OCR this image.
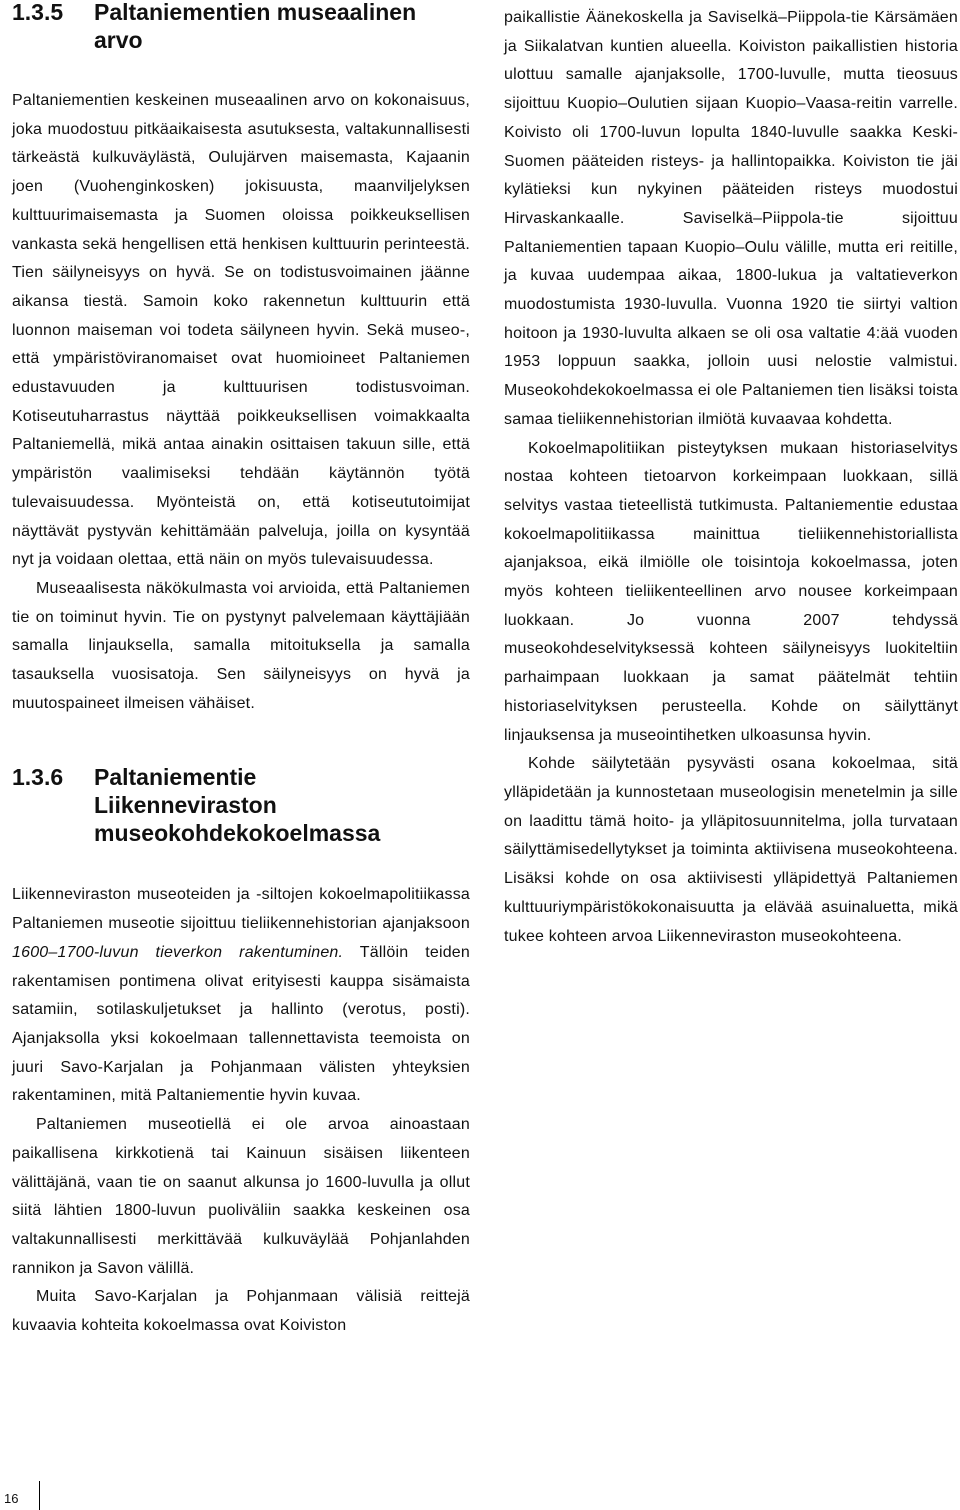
1.3.5	Paltaniementien museaalinen
arvo

Paltaniementien keskeinen museaalinen arvo on kokonaisuus, joka muodostuu pitkäaikaisesta asutuksesta, valtakunnallisesti tärkeästä kulkuväylästä, Oulujärven maisemasta, Kajaanin joen (Vuohenginkosken) jokisuusta, maanviljelyksen kulttuurimaisemasta ja Suomen oloissa poikkeuksellisen vankasta sekä hengellisen että henkisen kulttuurin perinteestä. Tien säilyneisyys on hyvä. Se on todistusvoimainen jäänne aikansa tiestä. Samoin koko rakennetun kulttuurin että luonnon maiseman voi todeta säilyneen hyvin. Sekä museo-, että ympäristöviranomaiset ovat huomioineet Paltaniemen edustavuuden ja kulttuurisen todistusvoiman. Kotiseutuharrastus näyttää poikkeuksellisen voimakkaalta Paltaniemellä, mikä antaa ainakin osittaisen takuun sille, että ympäristön vaalimiseksi tehdään käytännön työtä tulevaisuudessa. Myönteistä on, että kotiseututoimijat näyttävät pystyvän kehittämään palveluja, joilla on kysyntää nyt ja voidaan olettaa, että näin on myös tulevaisuudessa.

Museaalisesta näkökulmasta voi arvioida, että Paltaniemen tie on toiminut hyvin. Tie on pystynyt palvelemaan käyttäjiään samalla linjauksella, samalla mitoituksella ja samalla tasauksella vuosisatoja. Sen säilyneisyys on hyvä ja muutospaineet ilmeisen vähäiset.

1.3.6	Paltaniementie
Liikenneviraston
museokohdekokoelmassa

Liikenneviraston museoteiden ja -siltojen kokoelmapolitiikassa Paltaniemen museotie sijoittuu tieliikennehistorian ajanjaksoon 1600–1700-luvun tieverkon rakentuminen. Tällöin teiden rakentamisen pontimena olivat erityisesti kauppa sisämaista satamiin, sotilaskuljetukset ja hallinto (verotus, posti). Ajanjaksolla yksi kokoelmaan tallennettavista teemoista on juuri Savo-Karjalan ja Pohjanmaan välisten yhteyksien rakentaminen, mitä Paltaniementie hyvin kuvaa.

Paltaniemen museotiellä ei ole arvoa ainoastaan paikallisena kirkkotienä tai Kainuun sisäisen liikenteen välittäjänä, vaan tie on saanut alkunsa jo 1600-luvulla ja ollut siitä lähtien 1800-luvun puoliväliin saakka keskeinen osa valtakunnallisesti merkittävää kulkuväylää Pohjanlahden rannikon ja Savon välillä.

Muita Savo-Karjalan ja Pohjanmaan välisiä reittejä kuvaavia kohteita kokoelmassa ovat Koiviston

paikallistie Äänekoskella ja Saviselkä–Piippola-tie Kärsämäen ja Siikalatvan kuntien alueella. Koiviston paikallistien historia ulottuu samalle ajanjaksolle, 1700-luvulle, mutta tieosuus sijoittuu Kuopio–Oulutien sijaan Kuopio–Vaasa-reitin varrelle. Koivisto oli 1700-luvun lopulta 1840-luvulle saakka Keski-Suomen pääteiden risteys- ja hallintopaikka. Koiviston tie jäi kylätieksi kun nykyinen pääteiden risteys muodostui Hirvaskankaalle. Saviselkä–Piippola-tie sijoittuu Paltaniementien tapaan Kuopio–Oulu välille, mutta eri reitille, ja kuvaa uudempaa aikaa, 1800-lukua ja valtatieverkon muodostumista 1930-luvulla. Vuonna 1920 tie siirtyi valtion hoitoon ja 1930-luvulta alkaen se oli osa valtatie 4:ää vuoden 1953 loppuun saakka, jolloin uusi nelostie valmistui. Museokohdekokoelmassa ei ole Paltaniemen tien lisäksi toista samaa tieliikennehistorian ilmiötä kuvaavaa kohdetta.

Kokoelmapolitiikan pisteytyksen mukaan historiaselvitys nostaa kohteen tietoarvon korkeimpaan luokkaan, sillä selvitys vastaa tieteellistä tutkimusta. Paltaniementie edustaa kokoelmapolitiikassa mainittua tieliikennehistoriallista ajanjaksoa, eikä ilmiölle ole toisintoja kokoelmassa, joten myös kohteen tieliikenteellinen arvo nousee korkeimpaan luokkaan. Jo vuonna 2007 tehdyssä museokohdeselvityksessä kohteen säilyneisyys luokiteltiin parhaimpaan luokkaan ja samat päätelmät tehtiin historiaselvityksen perusteella. Kohde on säilyttänyt linjauksensa ja museointihetken ulkoasunsa hyvin.

Kohde säilytetään pysyvästi osana kokoelmaa, sitä ylläpidetään ja kunnostetaan museologisin menetelmin ja sille on laadittu tämä hoito- ja ylläpitosuunnitelma, jolla turvataan säilyttämisedellytykset ja toiminta aktiivisena museokohteena. Lisäksi kohde on osa aktiivisesti ylläpidettyä Paltaniemen kulttuuriympäristökokonaisuutta ja elävää asuinaluetta, mikä tukee kohteen arvoa Liikenneviraston museokohteena.

16
